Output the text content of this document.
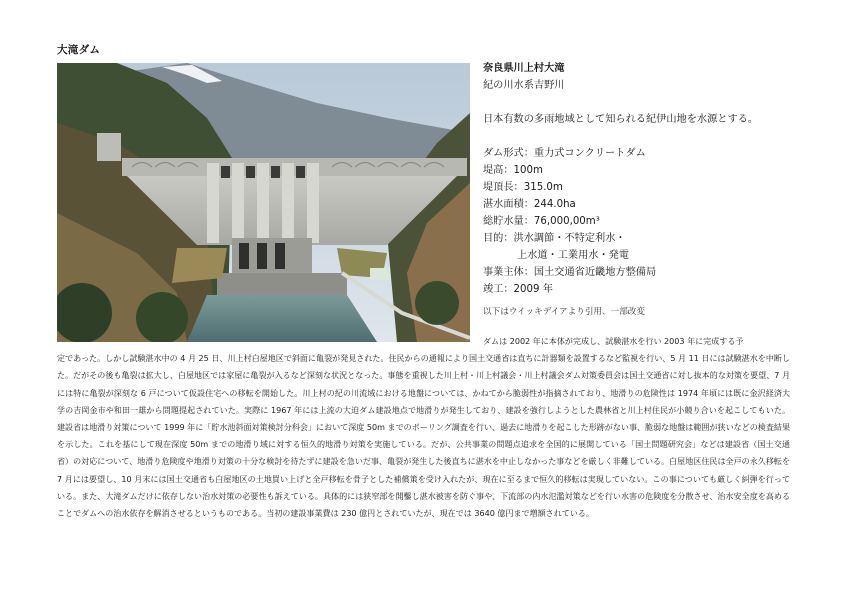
大滝ダム
奈良県川上村大滝
紀の川水系吉野川
日本有数の多雨地域として知られる紀伊山地を水源とする。
ダム形式：重力式コンクリートダム
堤高：100m
堤頂長：315.0m
湛水面積：244.0ha
総貯水量：76,000,00m³
目的：洪水調節・不特定利水・
上水道・工業用水・発電
事業主体：国土交通省近畿地方整備局
竣工：2009 年
以下はウイッキデイアより引用、一部改変
ダムは 2002 年に本体が完成し、試験湛水を行い 2003 年に完成する予
定であった。しかし試験湛水中の 4 月 25 日、川上村白屋地区で斜面に亀裂が発見された。住民からの通報により国土交通省は直ちに計器類を設置するなど監視を行い、5 月 11 日には試験湛水を中断した。だがその後も亀裂は拡大し、白屋地区では家屋に亀裂が入るなど深刻な状況となった。事態を重視した川上村・川上村議会・川上村議会ダム対策委員会は国土交通省に対し抜本的な対策を要望、7 月には特に亀裂が深刻な 6 戸について仮設住宅への移転を開始した。川上村の紀の川流域における地盤については、かねてから脆弱性が指摘されており、地滑りの危険性は 1974 年頃には既に金沢経済大学の吉岡金市や和田一雄から問題提起されていた。実際に 1967 年には上流の大迫ダム建設地点で地滑りが発生しており、建設を強行しようとした農林省と川上村住民が小競り合いを起こしてもいた。建設省は地滑り対策について 1999 年に「貯水池斜面対策検討分科会」において深度 50m までのボーリング調査を行い、過去に地滑りを起こした形跡がない事、脆弱な地盤は範囲が狭いなどの検査結果を示した。これを基にして現在深度 50m までの地滑り域に対する恒久的地滑り対策を実施している。だが、公共事業の問題点追求を全国的に展開している「国土問題研究会」などは建設省（国土交通省）の対応について、地滑り危険度や地滑り対策の十分な検討を待たずに建設を急いだ事、亀裂が発生した後直ちに湛水を中止しなかった事などを厳しく非難している。白屋地区住民は全戸の永久移転を 7 月には要望し、10 月末には国土交通省も白屋地区の土地買い上げと全戸移転を骨子とした補償策を受け入れたが、現在に至るまで恒久的移転は実現していない。この事についても厳しく糾弾を行っている。また、大滝ダムだけに依存しない治水対策の必要性も訴えている。具体的には狭窄部を開鑿し湛水被害を防ぐ事や、下流部の内水氾濫対策などを行い水害の危険度を分散させ、治水安全度を高めることでダムへの治水依存を解消させるというものである。当初の建設事業費は 230 億円とされていたが、現在では 3640 億円まで増額されている。
